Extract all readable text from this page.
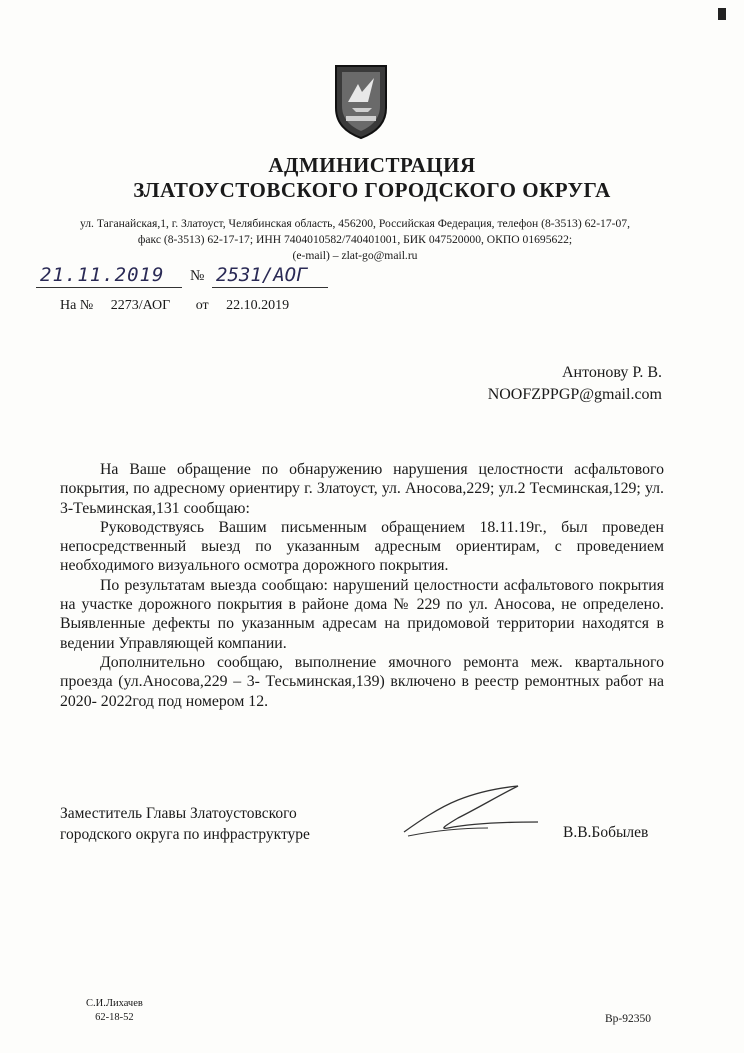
АДМИНИСТРАЦИЯ
ЗЛАТОУСТОВСКОГО ГОРОДСКОГО ОКРУГА
ул. Таганайская,1, г. Златоуст, Челябинская область, 456200, Российская Федерация, телефон (8-3513) 62-17-07,
факс (8-3513) 62-17-17; ИНН 7404010582/740401001, БИК 047520000, ОКПО 01695622;
(e-mail) – zlat-go@mail.ru
21.11.2019 № 2531/АОГ
На № 2273/АОГ от 22.10.2019
Антонову Р. В.
NOOFZPPGP@gmail.com

На Ваше обращение по обнаружению нарушения целостности асфальтового покрытия, по адресному ориентиру г. Златоуст, ул. Аносова,229; ул.2 Тесминская,129; ул. 3-Теьминская,131 сообщаю:

Руководствуясь Вашим письменным обращением 18.11.19г., был проведен непосредственный выезд по указанным адресным ориентирам, с проведением необходимого визуального осмотра дорожного покрытия.

По результатам выезда сообщаю: нарушений целостности асфальтового покрытия на участке дорожного покрытия в районе дома № 229 по ул. Аносова, не определено. Выявленные дефекты по указанным адресам на придомовой территории находятся в ведении Управляющей компании.

Дополнительно сообщаю, выполнение ямочного ремонта меж. квартального проезда (ул.Аносова,229 – 3- Тесьминская,139) включено в реестр ремонтных работ на 2020- 2022год под номером 12.

Заместитель Главы Златоустовского
городского округа по инфраструктуре	В.В.Бобылев
С.И.Лихачев
62-18-52	Вр-92350
